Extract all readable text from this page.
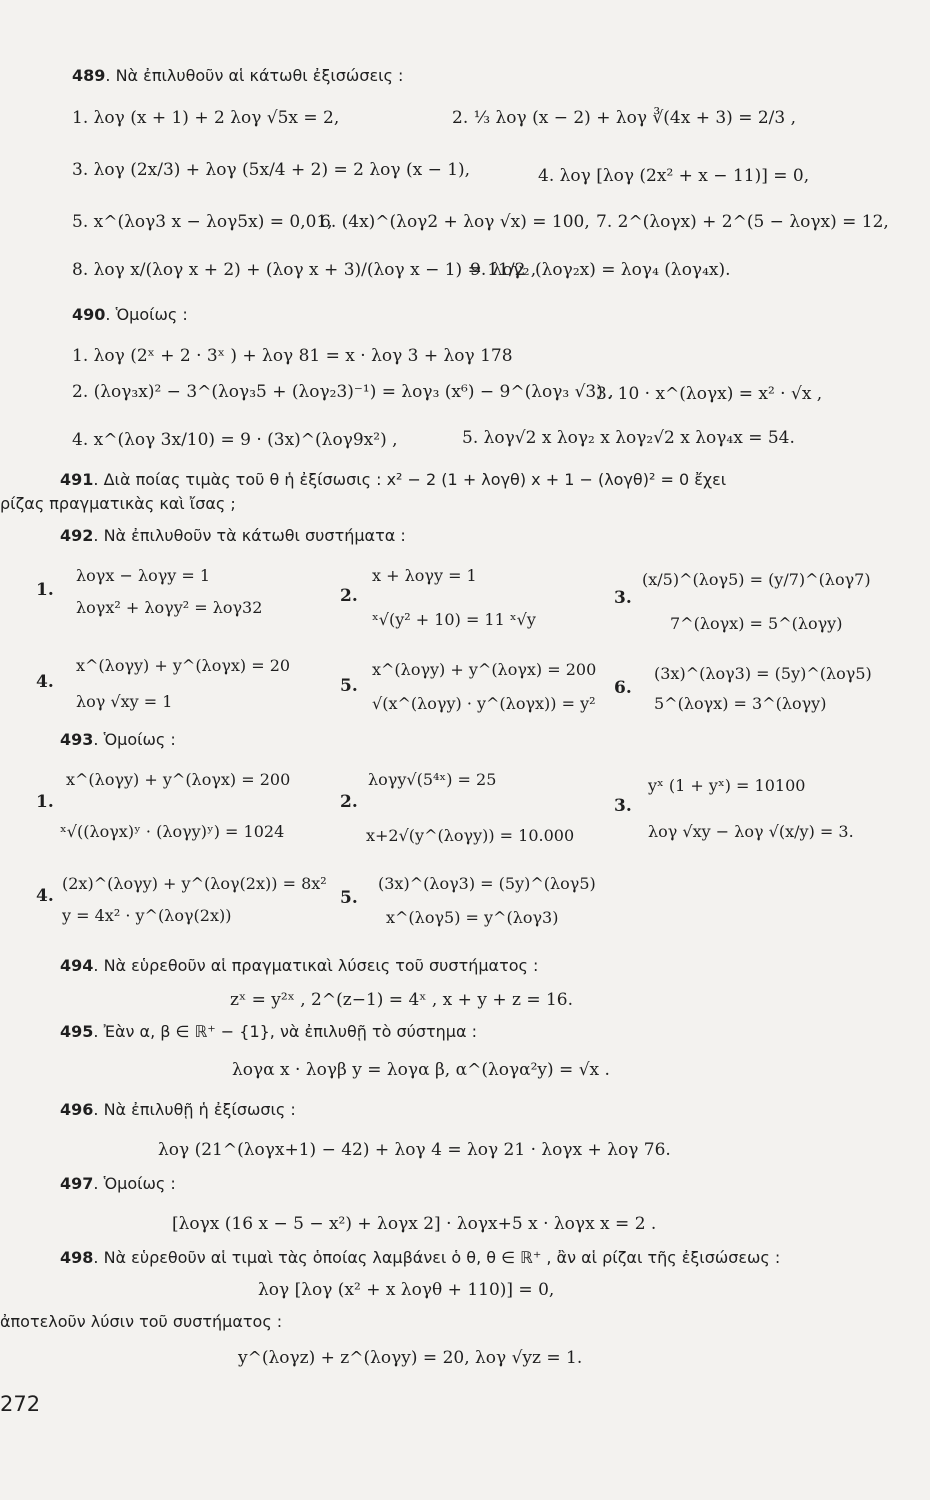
489. Νὰ ἐπιλυθοῦν αἱ κάτωθι ἐξισώσεις :
1. λογ (x + 1) + 2 λογ √5x = 2,	2. ⅓ λογ (x − 2) + λογ ∛(4x + 3) = 2/3 ,
3. λογ (2x/3) + λογ (5x/4 + 2) = 2 λογ (x − 1),	4. λογ [λογ (2x² + x − 11)] = 0,
5. x^(λογ3 x − λογ5x) = 0,01,
6. (4x)^(λογ2 + λογ √x) = 100, 7. 2^(λογx) + 2^(5 − λογx) = 12,
8. λογ x/(λογ x + 2) + (λογ x + 3)/(λογ x − 1) = 11/2 ,
9. λογ₂ (λογ₂x) = λογ₄ (λογ₄x).
490. Ὁμοίως :
1. λογ (2ˣ + 2 · 3ˣ ) + λογ 81 = x · λογ 3 + λογ 178
2. (λογ₃x)² − 3^(λογ₃5 + (λογ₂3)⁻¹) = λογ₃ (x⁶) − 9^(λογ₃ √3) ,
3. 10 · x^(λογx) = x² · √x ,
4. x^(λογ 3x/10) = 9 · (3x)^(λογ9x²) ,	5. λογ√2 x λογ₂ x λογ₂√2 x λογ₄x = 54.
491. Διὰ ποίας τιμὰς τοῦ θ ἡ ἐξίσωσις : x² − 2 (1 + λογθ) x + 1 − (λογθ)² = 0 ἔχει
ρίζας πραγματικὰς καὶ ἴσας ;
492. Νὰ ἐπιλυθοῦν τὰ κάτωθι συστήματα :
1.
λογx − λογy = 1
λογx² + λογy² = λογ32
2.
x + λογy = 1
ˣ√(y² + 10) = 11 ˣ√y
3.
(x/5)^(λογ5) = (y/7)^(λογ7)
7^(λογx) = 5^(λογy)
4.
x^(λογy) + y^(λογx) = 20
λογ √xy = 1
5.
x^(λογy) + y^(λογx) = 200
√(x^(λογy) · y^(λογx)) = y²
6.
(3x)^(λογ3) = (5y)^(λογ5)
5^(λογx) = 3^(λογy)
493. Ὁμοίως :
1.
x^(λογy) + y^(λογx) = 200
ˣ√((λογx)ʸ · (λογy)ʸ) = 1024
2.
λογy√(5⁴ˣ) = 25
x+2√(y^(λογy)) = 10.000
3.
yˣ (1 + yˣ) = 10100
λογ √xy − λογ √(x/y) = 3.
4.
(2x)^(λογy) + y^(λογ(2x)) = 8x²
y = 4x² · y^(λογ(2x))
5.
(3x)^(λογ3) = (5y)^(λογ5)
x^(λογ5) = y^(λογ3)
494. Νὰ εὑρεθοῦν αἱ πραγματικαὶ λύσεις τοῦ συστήματος :
zˣ = y²ˣ , 2^(z−1) = 4ˣ , x + y + z = 16.
495. Ἐὰν α, β ∈ ℝ⁺ − {1}, νὰ ἐπιλυθῇ τὸ σύστημα :
λογα x · λογβ y = λογα β, α^(λογα²y) = √x .
496. Νὰ ἐπιλυθῇ ἡ ἐξίσωσις :
λογ (21^(λογx+1) − 42) + λογ 4 = λογ 21 · λογx + λογ 76.
497. Ὁμοίως :
[λογx (16 x − 5 − x²) + λογx 2] · λογx+5 x · λογx x = 2 .
498. Νὰ εὑρεθοῦν αἱ τιμαὶ τὰς ὁποίας λαμβάνει ὁ θ, θ ∈ ℝ⁺ , ἂν αἱ ρίζαι τῆς ἐξισώσεως :
λογ [λογ (x² + x λογθ + 110)] = 0,
ἀποτελοῦν λύσιν τοῦ συστήματος :
y^(λογz) + z^(λογy) = 20, λογ √yz = 1.
272
